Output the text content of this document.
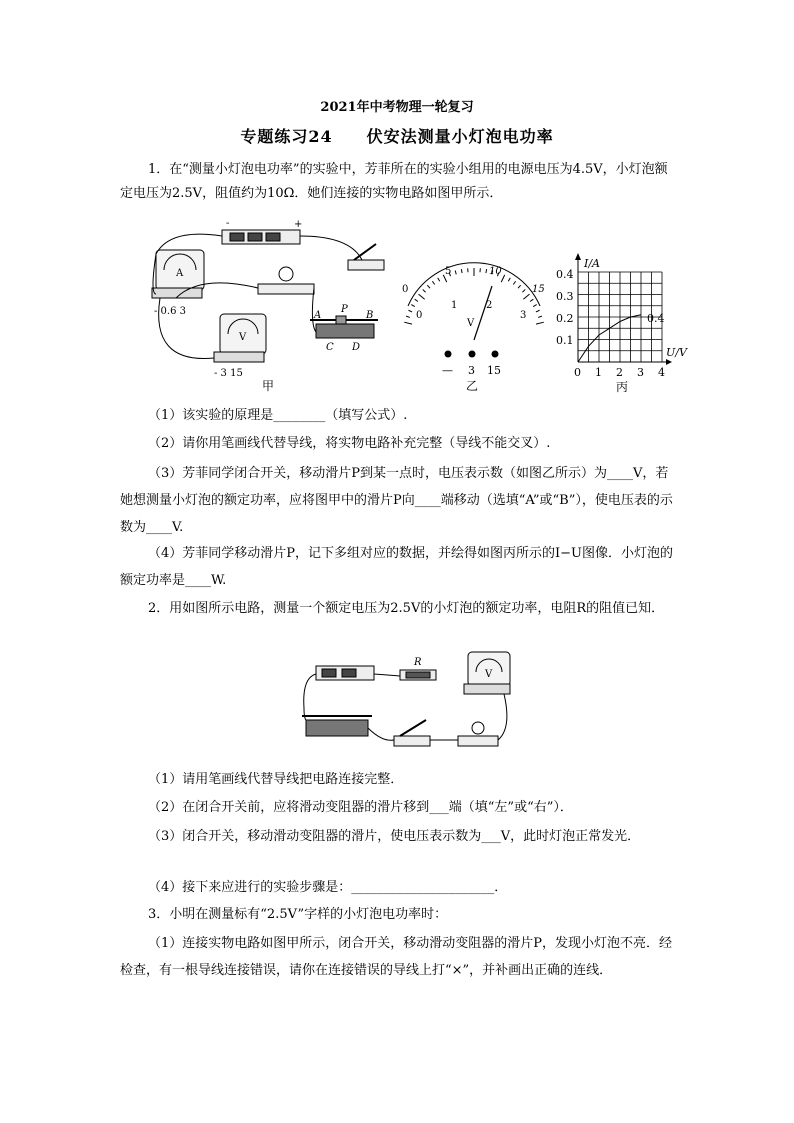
2021年中考物理一轮复习
专题练习24 伏安法测量小灯泡电功率
1．在“测量小灯泡电功率”的实验中，芳菲所在的实验小组用的电源电压为4.5V，小灯泡额定电压为2.5V，阻值约为10Ω．她们连接的实物电路如图甲所示．
-	+
A
- 0.6 3
V
- 3 15
P
A	B
C D
甲
0
5	10
15
0
1	2
3
V
— 3 15
乙
I/A
U/V
0.4
0.3
0.2
0.1
0.4
0 1 2 3 4
丙
（1）该实验的原理是________（填写公式）.
（2）请你用笔画线代替导线，将实物电路补充完整（导线不能交叉）.
（3）芳菲同学闭合开关，移动滑片P到某一点时，电压表示数（如图乙所示）为____V，若她想测量小灯泡的额定功率，应将图甲中的滑片P向____端移动（选填“A”或“B”），使电压表的示数为____V.
（4）芳菲同学移动滑片P，记下多组对应的数据，并绘得如图丙所示的I−U图像．小灯泡的额定功率是____W.
2．用如图所示电路，测量一个额定电压为2.5V的小灯泡的额定功率，电阻R的阻值已知．
R
V
（1）请用笔画线代替导线把电路连接完整．
（2）在闭合开关前，应将滑动变阻器的滑片移到___端（填“左”或“右”）．
（3）闭合开关，移动滑动变阻器的滑片，使电压表示数为___V，此时灯泡正常发光．
（4）接下来应进行的实验步骤是：______________________．
3．小明在测量标有“2.5V”字样的小灯泡电功率时：
（1）连接实物电路如图甲所示，闭合开关，移动滑动变阻器的滑片P，发现小灯泡不亮．经检查，有一根导线连接错误，请你在连接错误的导线上打“×”，并补画出正确的连线．
